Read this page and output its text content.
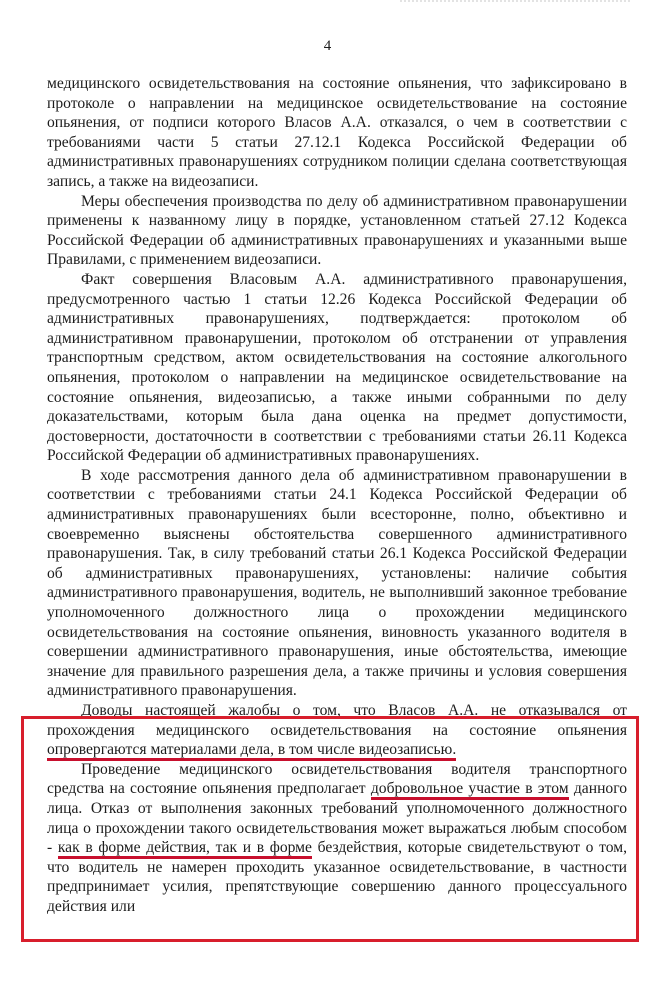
4

медицинского освидетельствования на состояние опьянения, что зафиксировано в протоколе о направлении на медицинское освидетельствование на состояние опьянения, от подписи которого Власов А.А. отказался, о чем в соответствии с требованиями части 5 статьи 27.12.1 Кодекса Российской Федерации об административных правонарушениях сотрудником полиции сделана соответствующая запись, а также на видеозаписи.

Меры обеспечения производства по делу об административном правонарушении применены к названному лицу в порядке, установленном статьей 27.12 Кодекса Российской Федерации об административных правонарушениях и указанными выше Правилами, с применением видеозаписи.

Факт совершения Власовым А.А. административного правонарушения, предусмотренного частью 1 статьи 12.26 Кодекса Российской Федерации об административных правонарушениях, подтверждается: протоколом об административном правонарушении, протоколом об отстранении от управления транспортным средством, актом освидетельствования на состояние алкогольного опьянения, протоколом о направлении на медицинское освидетельствование на состояние опьянения, видеозаписью, а также иными собранными по делу доказательствами, которым была дана оценка на предмет допустимости, достоверности, достаточности в соответствии с требованиями статьи 26.11 Кодекса Российской Федерации об административных правонарушениях.

В ходе рассмотрения данного дела об административном правонарушении в соответствии с требованиями статьи 24.1 Кодекса Российской Федерации об административных правонарушениях были всесторонне, полно, объективно и своевременно выяснены обстоятельства совершенного административного правонарушения. Так, в силу требований статьи 26.1 Кодекса Российской Федерации об административных правонарушениях, установлены: наличие события административного правонарушения, водитель, не выполнивший законное требование уполномоченного должностного лица о прохождении медицинского освидетельствования на состояние опьянения, виновность указанного водителя в совершении административного правонарушения, иные обстоятельства, имеющие значение для правильного разрешения дела, а также причины и условия совершения административного правонарушения.

Доводы настоящей жалобы о том, что Власов А.А. не отказывался от прохождения медицинского освидетельствования на состояние опьянения опровергаются материалами дела, в том числе видеозаписью.

Проведение медицинского освидетельствования водителя транспортного средства на состояние опьянения предполагает добровольное участие в этом данного лица. Отказ от выполнения законных требований уполномоченного должностного лица о прохождении такого освидетельствования может выражаться любым способом - как в форме действия, так и в форме бездействия, которые свидетельствуют о том, что водитель не намерен проходить указанное освидетельствование, в частности предпринимает усилия, препятствующие совершению данного процессуального действия или
